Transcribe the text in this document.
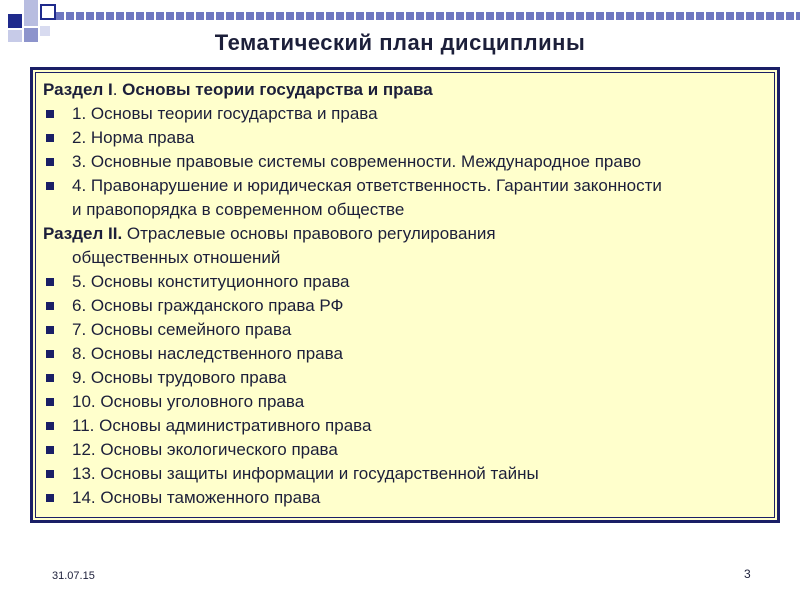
Тематический план дисциплины
Раздел I. Основы теории государства и права
1. Основы теории государства и права
2. Норма права
3. Основные правовые системы современности. Международное право
4. Правонарушение и юридическая ответственность. Гарантии законности
и правопорядка в современном обществе
Раздел II. Отраслевые основы правового регулирования
общественных отношений
5. Основы конституционного права
6. Основы гражданского права РФ
7. Основы семейного права
8. Основы наследственного права
9. Основы трудового права
10. Основы уголовного права
11. Основы административного права
12. Основы экологического права
13. Основы защиты информации и государственной тайны
14. Основы таможенного права
31.07.15	3
